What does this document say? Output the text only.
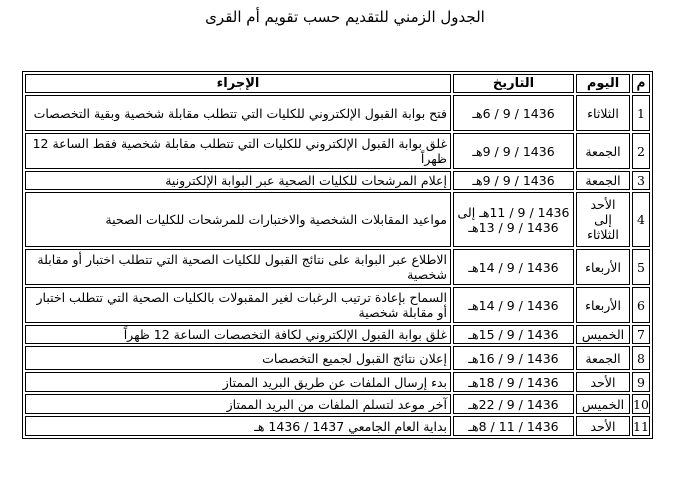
الجدول الزمني للتقديم حسب تقويم أم القرى
م	اليوم	التاريخ	الإجراء
1	الثلاثاء	1436 / 9 / 6هـ	فتح بوابة القبول الإلكتروني للكليات التي تتطلب مقابلة شخصية وبقية التخصصات
2	الجمعة	1436 / 9 / 9هـ	غلق بوابة القبول الإلكتروني للكليات التي تتطلب مقابلة شخصية فقط الساعة 12 ظهراً
3	الجمعة	1436 / 9 / 9هـ	إعلام المرشحات للكليات الصحية عبر البوابة الإلكترونية
4	الأحد إلى الثلاثاء	1436 / 9 / 11هـ إلى 1436 / 9 / 13هـ	مواعيد المقابلات الشخصية والاختبارات للمرشحات للكليات الصحية
5	الأربعاء	1436 / 9 / 14هـ	الاطلاع عبر البوابة على نتائج القبول للكليات الصحية التي تتطلب اختبار أو مقابلة شخصية
6	الأربعاء	1436 / 9 / 14هـ	السماح بإعادة ترتيب الرغبات لغير المقبولات بالكليات الصحية التي تتطلب اختبار أو مقابلة شخصية
7	الخميس	1436 / 9 / 15هـ	غلق بوابة القبول الإلكتروني لكافة التخصصات الساعة 12 ظهراً
8	الجمعة	1436 / 9 / 16هـ	إعلان نتائج القبول لجميع التخصصات
9	الأحد	1436 / 9 / 18هـ	بدء إرسال الملفات عن طريق البريد الممتاز
10	الخميس	1436 / 9 / 22هـ	آخر موعد لتسلم الملفات من البريد الممتاز
11	الأحد	1436 / 11 / 8هـ	بداية العام الجامعي 1437 / 1436 هـ
